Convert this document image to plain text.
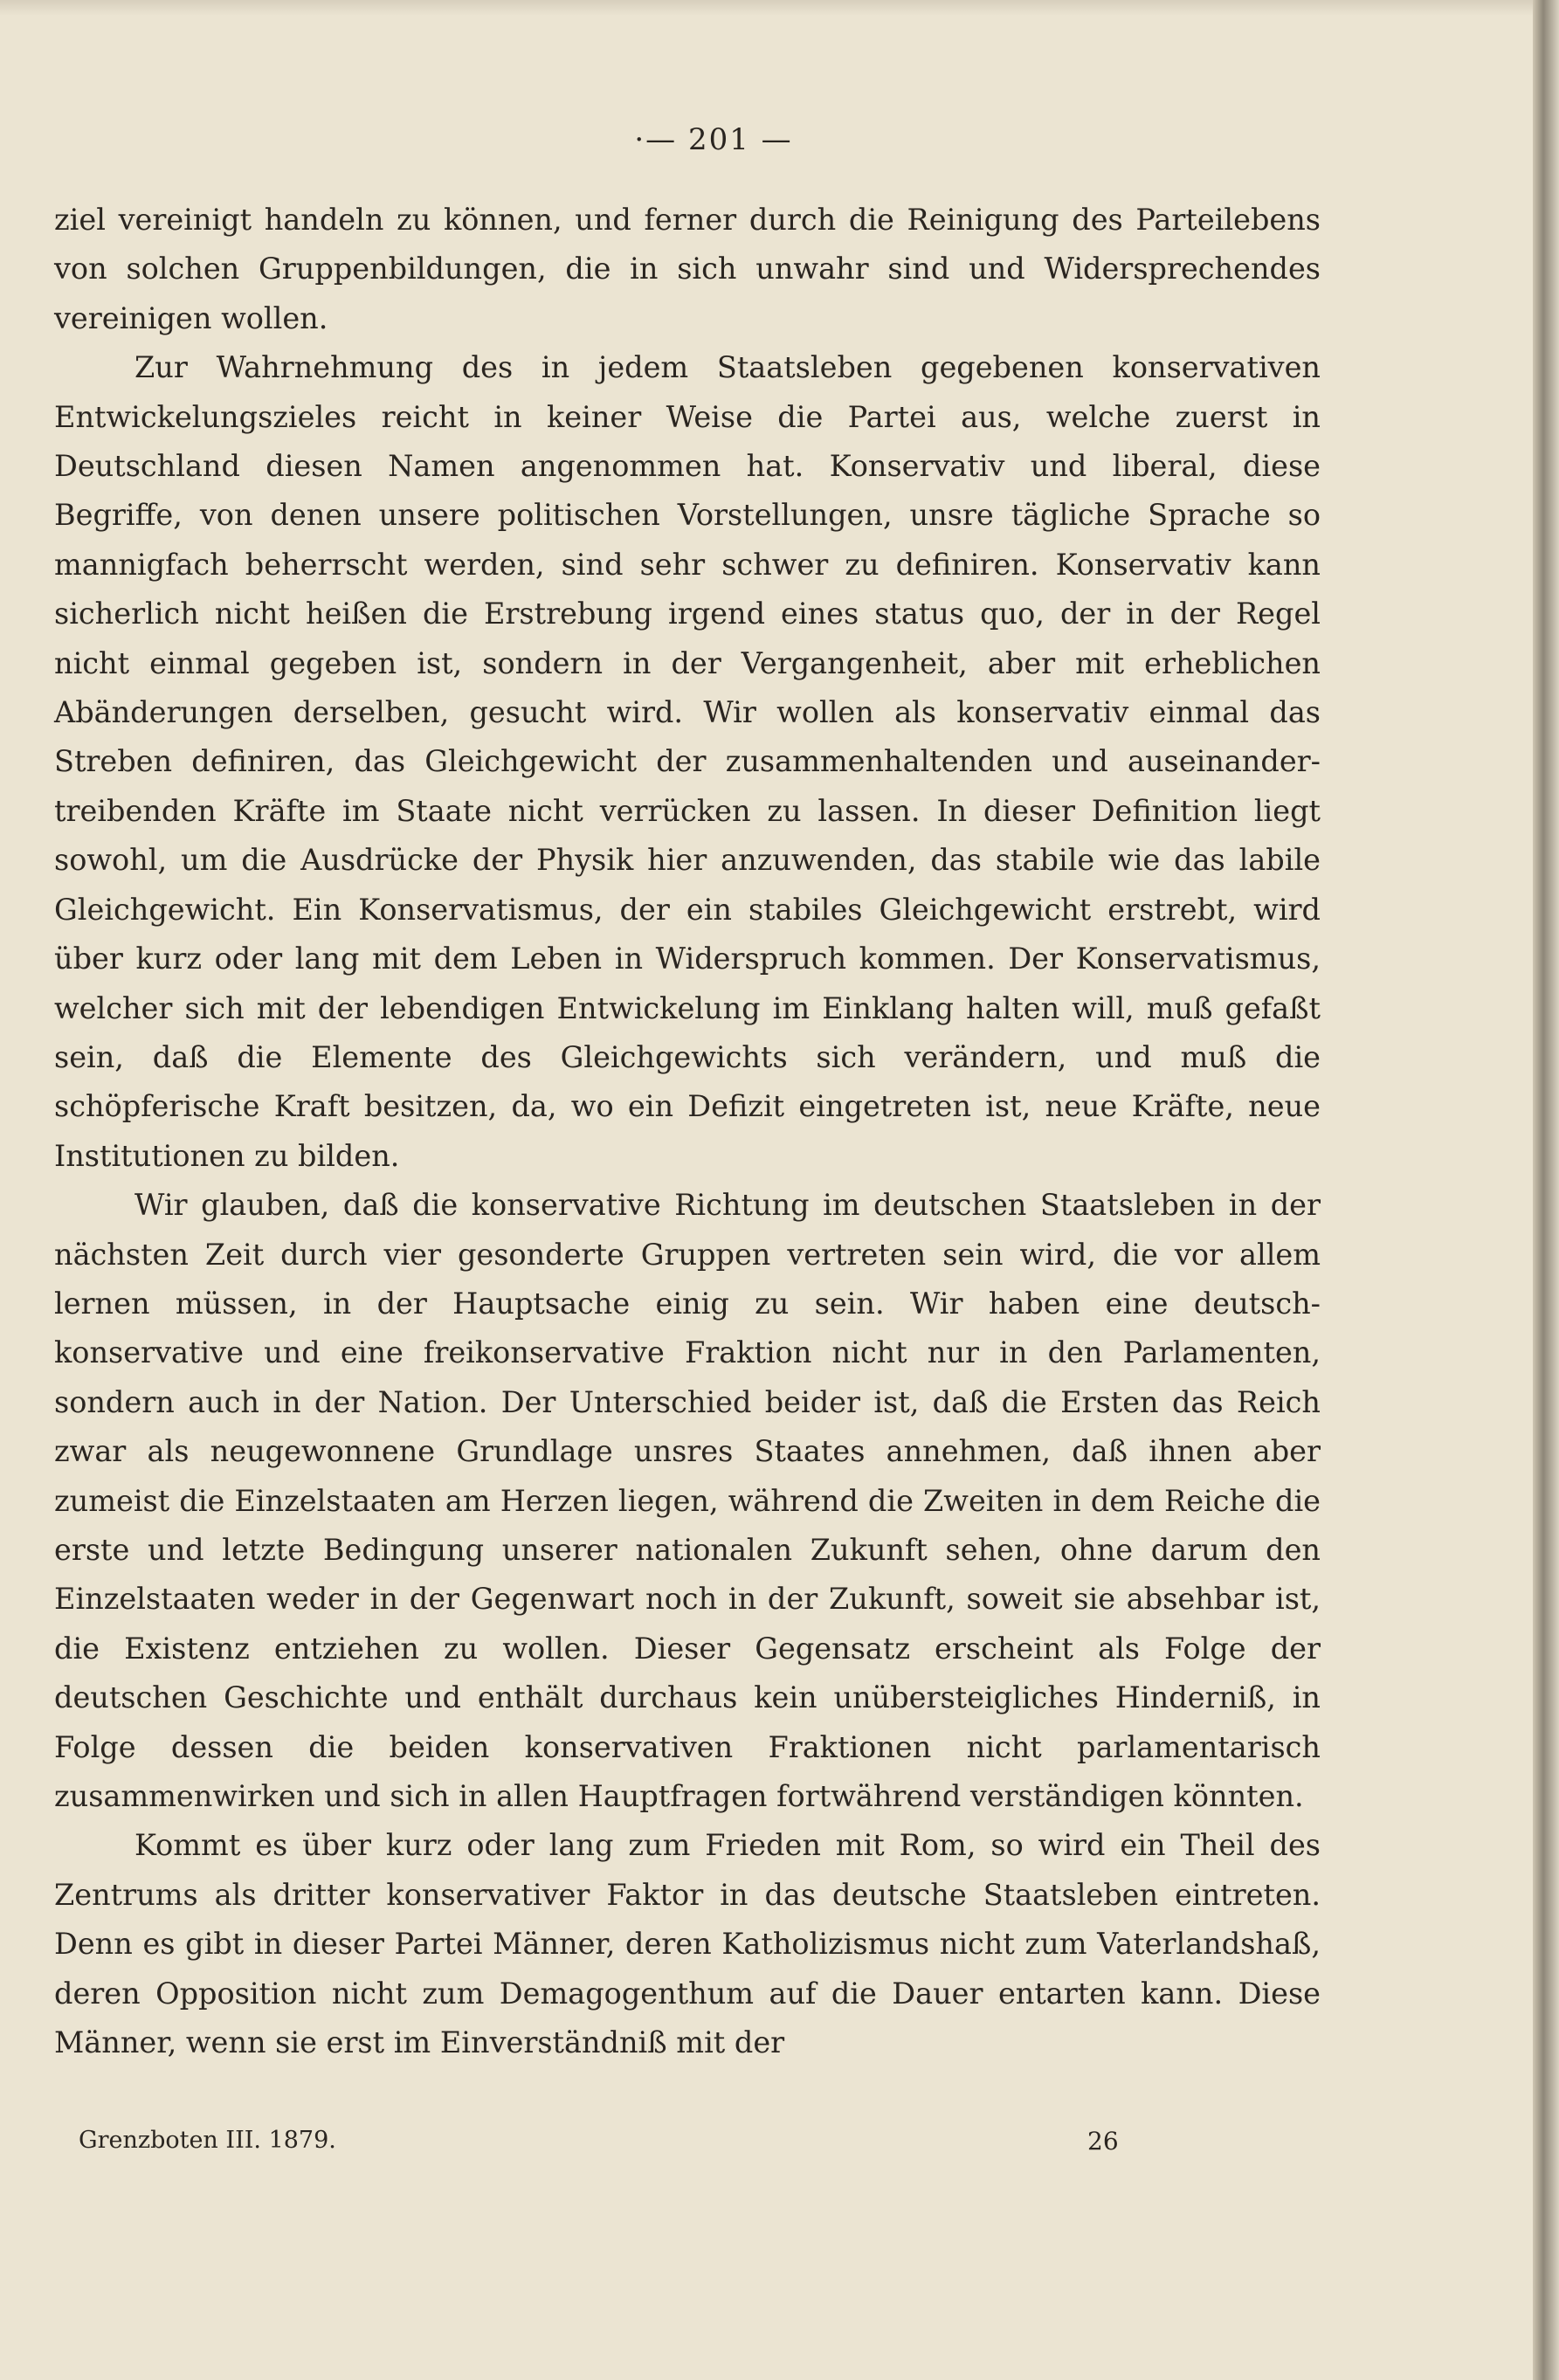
·— 201 —

ziel vereinigt handeln zu können, und ferner durch die Reinigung des Parteilebens von solchen Gruppenbildungen, die in sich unwahr sind und Widersprechendes vereinigen wollen.

Zur Wahrnehmung des in jedem Staatsleben gegebenen konservativen Entwickelungszieles reicht in keiner Weise die Partei aus, welche zuerst in Deutschland diesen Namen angenommen hat. Konservativ und liberal, diese Begriffe, von denen unsere politischen Vorstellungen, unsre tägliche Sprache so mannigfach beherrscht werden, sind sehr schwer zu definiren. Konservativ kann sicherlich nicht heißen die Erstrebung irgend eines status quo, der in der Regel nicht einmal gegeben ist, sondern in der Vergangenheit, aber mit erheblichen Abänderungen derselben, gesucht wird. Wir wollen als konservativ einmal das Streben definiren, das Gleichgewicht der zusammenhaltenden und auseinandertreibenden Kräfte im Staate nicht verrücken zu lassen. In dieser Definition liegt sowohl, um die Ausdrücke der Physik hier anzuwenden, das stabile wie das labile Gleichgewicht. Ein Konservatismus, der ein stabiles Gleichgewicht erstrebt, wird über kurz oder lang mit dem Leben in Widerspruch kommen. Der Konservatismus, welcher sich mit der lebendigen Entwickelung im Einklang halten will, muß gefaßt sein, daß die Elemente des Gleichgewichts sich verändern, und muß die schöpferische Kraft besitzen, da, wo ein Defizit eingetreten ist, neue Kräfte, neue Institutionen zu bilden.

Wir glauben, daß die konservative Richtung im deutschen Staatsleben in der nächsten Zeit durch vier gesonderte Gruppen vertreten sein wird, die vor allem lernen müssen, in der Hauptsache einig zu sein. Wir haben eine deutschkonservative und eine freikonservative Fraktion nicht nur in den Parlamenten, sondern auch in der Nation. Der Unterschied beider ist, daß die Ersten das Reich zwar als neugewonnene Grundlage unsres Staates annehmen, daß ihnen aber zumeist die Einzelstaaten am Herzen liegen, während die Zweiten in dem Reiche die erste und letzte Bedingung unserer nationalen Zukunft sehen, ohne darum den Einzelstaaten weder in der Gegenwart noch in der Zukunft, soweit sie absehbar ist, die Existenz entziehen zu wollen. Dieser Gegensatz erscheint als Folge der deutschen Geschichte und enthält durchaus kein unübersteigliches Hinderniß, in Folge dessen die beiden konservativen Fraktionen nicht parlamentarisch zusammenwirken und sich in allen Hauptfragen fortwährend verständigen könnten.

Kommt es über kurz oder lang zum Frieden mit Rom, so wird ein Theil des Zentrums als dritter konservativer Faktor in das deutsche Staatsleben eintreten. Denn es gibt in dieser Partei Männer, deren Katholizismus nicht zum Vaterlandshaß, deren Opposition nicht zum Demagogenthum auf die Dauer entarten kann. Diese Männer, wenn sie erst im Einverständniß mit der

Grenzboten III. 1879.	26
